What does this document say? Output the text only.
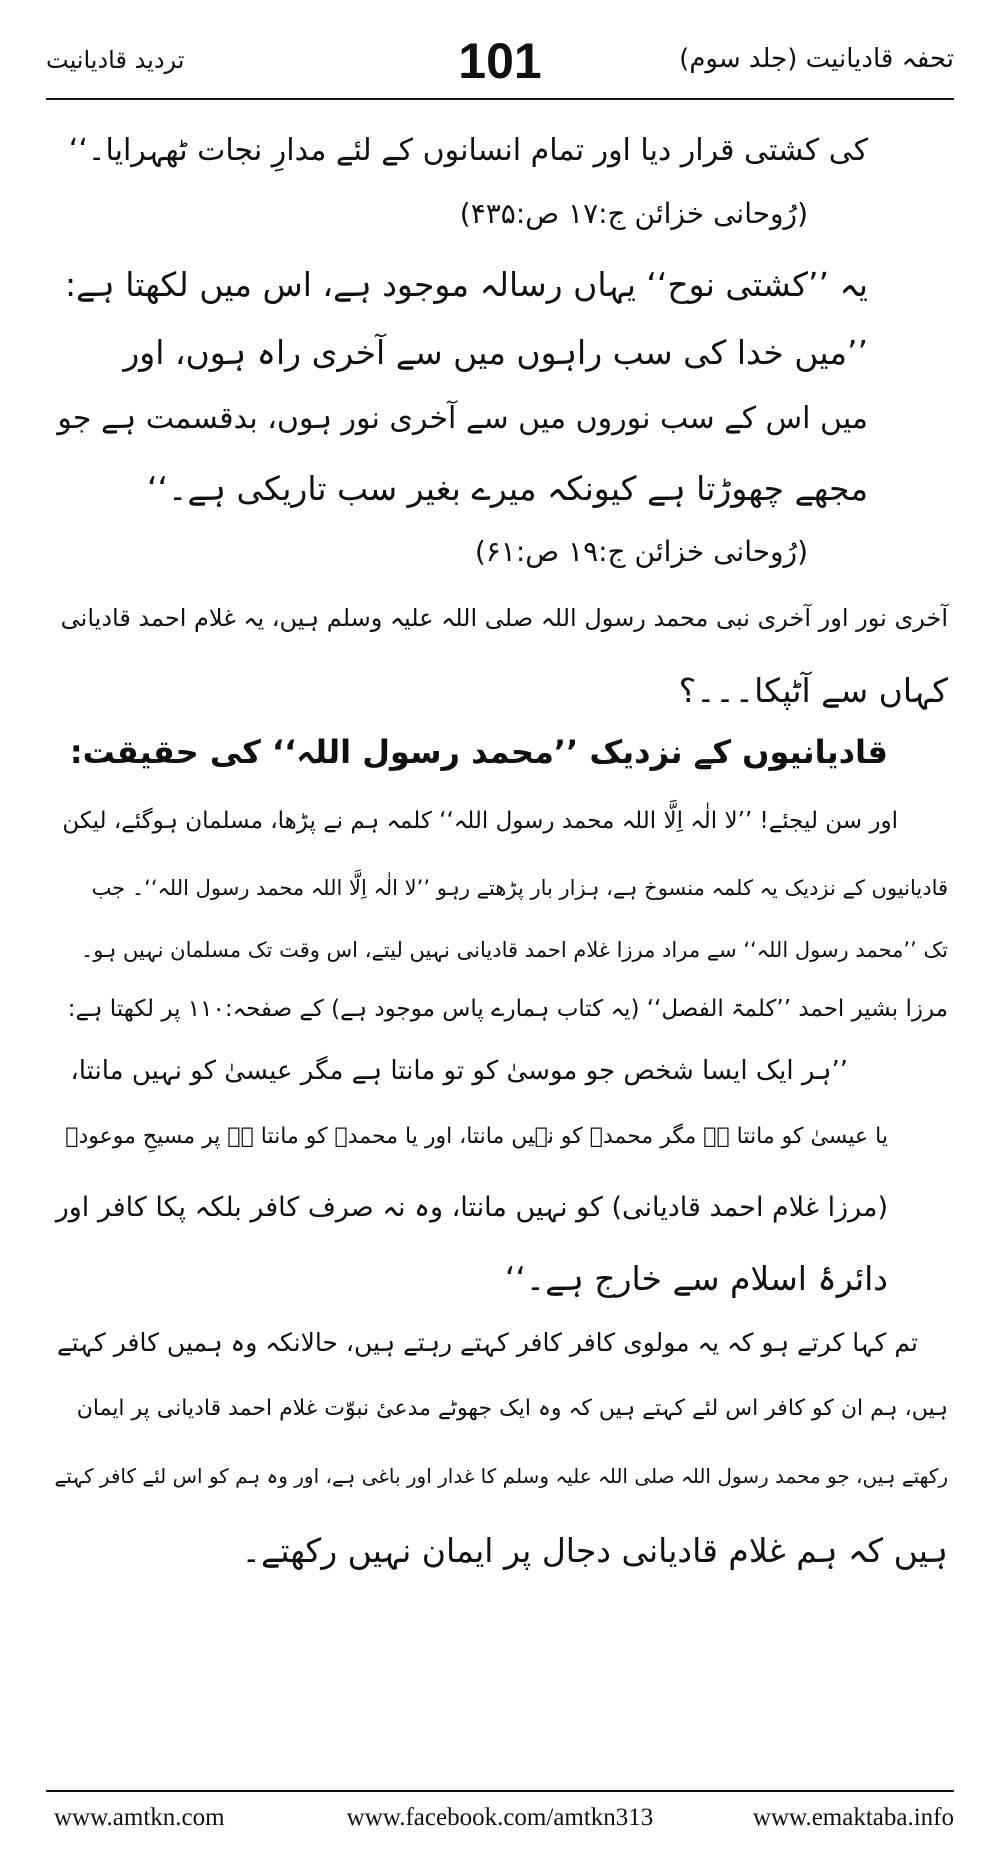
تحفہ قادیانیت (جلد سوم)
101
تردید قادیانیت
کی کشتی قرار دیا اور تمام انسانوں کے لئے مدارِ نجات ٹھہرایا۔‘‘
(رُوحانی خزائن ج:۱۷ ص:۴۳۵)
یہ ’’کشتی نوح‘‘ یہاں رسالہ موجود ہے، اس میں لکھتا ہے:
’’میں خدا کی سب راہوں میں سے آخری راہ ہوں، اور
میں اس کے سب نوروں میں سے آخری نور ہوں، بدقسمت ہے جو
مجھے چھوڑتا ہے کیونکہ میرے بغیر سب تاریکی ہے۔‘‘
(رُوحانی خزائن ج:۱۹ ص:۶۱)
آخری نور اور آخری نبی محمد رسول اللہ صلی اللہ علیہ وسلم ہیں، یہ غلام احمد قادیانی
کہاں سے آٹپکا۔۔۔؟
قادیانیوں کے نزدیک ’’محمد رسول اللہ‘‘ کی حقیقت:
اور سن لیجئے! ’’لا الٰہ اِلَّا اللہ محمد رسول اللہ‘‘ کلمہ ہم نے پڑھا، مسلمان ہوگئے، لیکن
قادیانیوں کے نزدیک یہ کلمہ منسوخ ہے، ہزار بار پڑھتے رہو ’’لا الٰہ اِلَّا اللہ محمد رسول اللہ‘‘۔ جب
تک ’’محمد رسول اللہ‘‘ سے مراد مرزا غلام احمد قادیانی نہیں لیتے، اس وقت تک مسلمان نہیں ہو۔
مرزا بشیر احمد ’’کلمۃ الفصل‘‘ (یہ کتاب ہمارے پاس موجود ہے) کے صفحہ:۱۱۰ پر لکھتا ہے:
’’ہر ایک ایسا شخص جو موسیٰ کو تو مانتا ہے مگر عیسیٰ کو نہیں مانتا،
یا عیسیٰ کو مانتا ہے مگر محمدؐ کو نہیں مانتا، اور یا محمدؐ کو مانتا ہے پر مسیحِ موعودؑ
(مرزا غلام احمد قادیانی) کو نہیں مانتا، وہ نہ صرف کافر بلکہ پکا کافر اور
دائرۂ اسلام سے خارج ہے۔‘‘
تم کہا کرتے ہو کہ یہ مولوی کافر کافر کہتے رہتے ہیں، حالانکہ وہ ہمیں کافر کہتے
ہیں، ہم ان کو کافر اس لئے کہتے ہیں کہ وہ ایک جھوٹے مدعیٔ نبوّت غلام احمد قادیانی پر ایمان
رکھتے ہیں، جو محمد رسول اللہ صلی اللہ علیہ وسلم کا غدار اور باغی ہے، اور وہ ہم کو اس لئے کافر کہتے
ہیں کہ ہم غلام قادیانی دجال پر ایمان نہیں رکھتے۔
www.amtkn.com	www.facebook.com/amtkn313	www.emaktaba.info
